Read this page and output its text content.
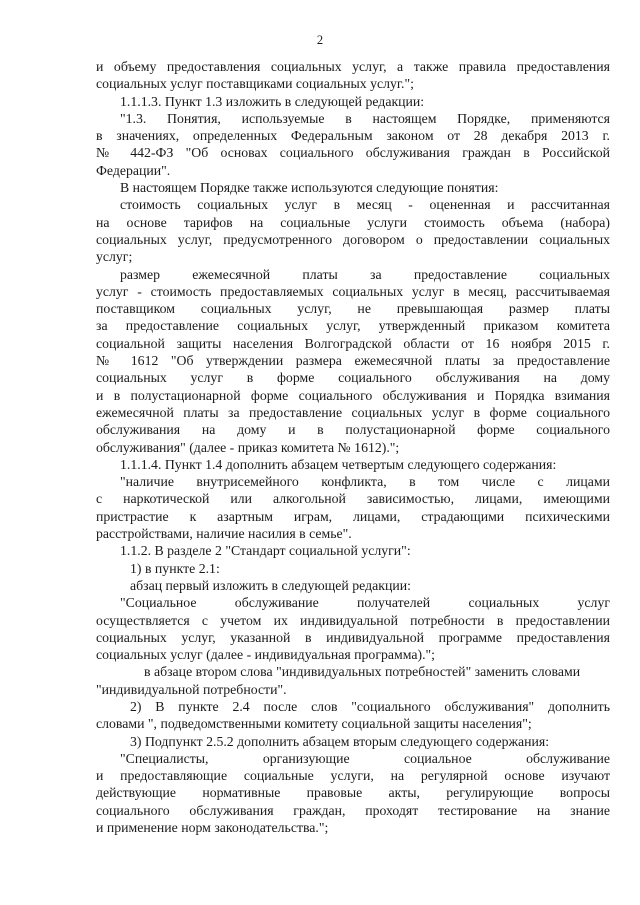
2
и объему предоставления социальных услуг, а также правила предоставления
социальных услуг поставщиками социальных услуг.";
1.1.1.3. Пункт 1.3 изложить в следующей редакции:
"1.3. Понятия, используемые в настоящем Порядке, применяются
в значениях, определенных Федеральным законом от 28 декабря 2013 г.
№ 442-ФЗ "Об основах социального обслуживания граждан в Российской
Федерации".
В настоящем Порядке также используются следующие понятия:
стоимость социальных услуг в месяц - оцененная и рассчитанная
на основе тарифов на социальные услуги стоимость объема (набора)
социальных услуг, предусмотренного договором о предоставлении социальных
услуг;
размер ежемесячной платы за предоставление социальных
услуг - стоимость предоставляемых социальных услуг в месяц, рассчитываемая
поставщиком социальных услуг, не превышающая размер платы
за предоставление социальных услуг, утвержденный приказом комитета
социальной защиты населения Волгоградской области от 16 ноября 2015 г.
№ 1612 "Об утверждении размера ежемесячной платы за предоставление
социальных услуг в форме социального обслуживания на дому
и в полустационарной форме социального обслуживания и Порядка взимания
ежемесячной платы за предоставление социальных услуг в форме социального
обслуживания на дому и в полустационарной форме социального
обслуживания" (далее - приказ комитета № 1612).";
1.1.1.4. Пункт 1.4 дополнить абзацем четвертым следующего содержания:
"наличие внутрисемейного конфликта, в том числе с лицами
с наркотической или алкогольной зависимостью, лицами, имеющими
пристрастие к азартным играм, лицами, страдающими психическими
расстройствами, наличие насилия в семье".
1.1.2. В разделе 2 "Стандарт социальной услуги":
1) в пункте 2.1:
абзац первый изложить в следующей редакции:
"Социальное обслуживание получателей социальных услуг
осуществляется с учетом их индивидуальной потребности в предоставлении
социальных услуг, указанной в индивидуальной программе предоставления
социальных услуг (далее - индивидуальная программа).";
в абзаце втором слова "индивидуальных потребностей" заменить словами
"индивидуальной потребности".
2) В пункте 2.4 после слов "социального обслуживания" дополнить
словами ", подведомственными комитету социальной защиты населения";
3) Подпункт 2.5.2 дополнить абзацем вторым следующего содержания:
"Специалисты, организующие социальное обслуживание
и предоставляющие социальные услуги, на регулярной основе изучают
действующие нормативные правовые акты, регулирующие вопросы
социального обслуживания граждан, проходят тестирование на знание
и применение норм законодательства.";
